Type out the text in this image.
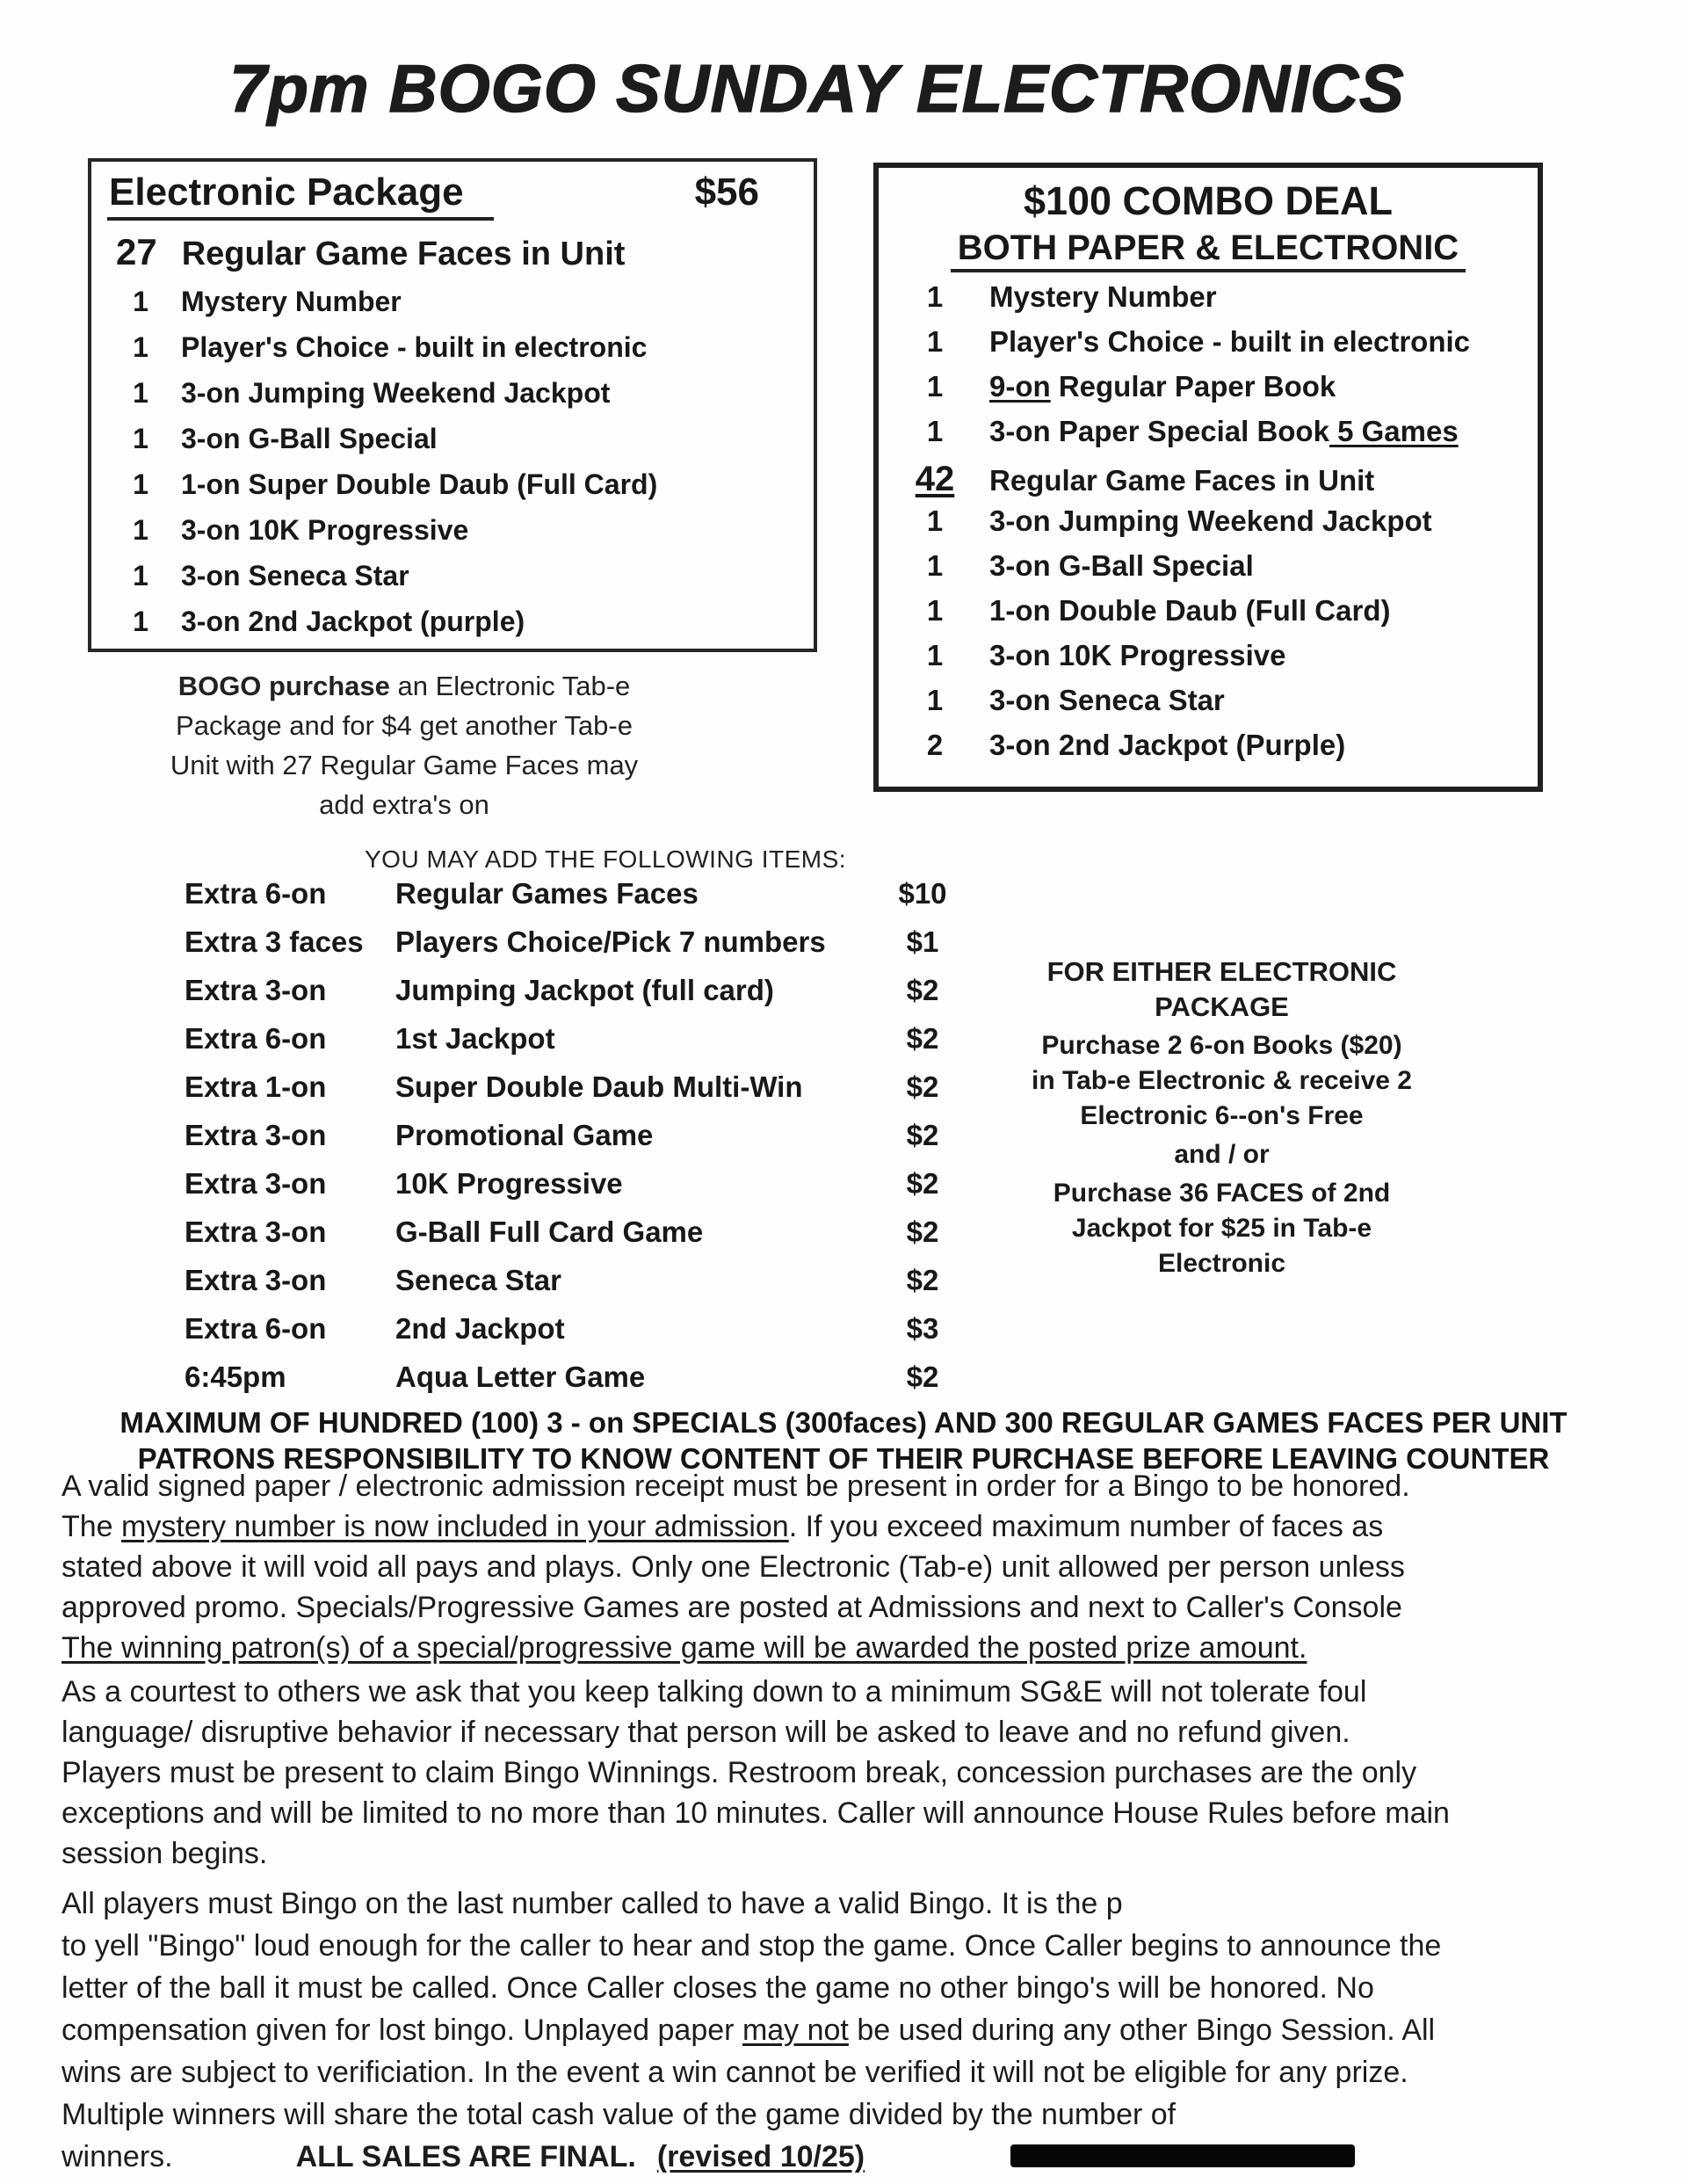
7pm BOGO SUNDAY ELECTRONICS
Electronic Package	$56
27 Regular Game Faces in Unit
1	Mystery Number
1	Player's Choice - built in electronic
1	3-on Jumping Weekend Jackpot
1	3-on G-Ball Special
1	1-on Super Double Daub (Full Card)
1	3-on 10K Progressive
1	3-on Seneca Star
1	3-on 2nd Jackpot (purple)
$100 COMBO DEAL
BOTH PAPER & ELECTRONIC
1	Mystery Number
1	Player's Choice - built in electronic
1	9-on Regular Paper Book
1	3-on Paper Special Book 5 Games
42 Regular Game Faces in Unit
1	3-on Jumping Weekend Jackpot
1	3-on G-Ball Special
1	1-on Double Daub (Full Card)
1	3-on 10K Progressive
1	3-on Seneca Star
2	3-on 2nd Jackpot (Purple)
BOGO purchase an Electronic Tab-e Package and for $4 get another Tab-e Unit with 27 Regular Game Faces may add extra's on
YOU MAY ADD THE FOLLOWING ITEMS:
Extra 6-on	Regular Games Faces	$10
Extra 3 faces	Players Choice/Pick 7 numbers	$1
Extra 3-on	Jumping Jackpot (full card)	$2
Extra 6-on	1st Jackpot	$2
Extra 1-on	Super Double Daub Multi-Win	$2
Extra 3-on	Promotional Game	$2
Extra 3-on	10K Progressive	$2
Extra 3-on	G-Ball Full Card Game	$2
Extra 3-on	Seneca Star	$2
Extra 6-on	2nd Jackpot	$3
6:45pm	Aqua Letter Game	$2
FOR EITHER ELECTRONIC
PACKAGE
Purchase 2 6-on Books ($20) in Tab-e Electronic & receive 2 Electronic 6--on's Free
and / or
Purchase 36 FACES of 2nd Jackpot for $25 in Tab-e Electronic
MAXIMUM OF HUNDRED (100) 3 - on SPECIALS (300faces) AND 300 REGULAR GAMES FACES PER UNIT
PATRONS RESPONSIBILITY TO KNOW CONTENT OF THEIR PURCHASE BEFORE LEAVING COUNTER
A valid signed paper / electronic admission receipt must be present in order for a Bingo to be honored. The mystery number is now included in your admission. If you exceed maximum number of faces as stated above it will void all pays and plays. Only one Electronic (Tab-e) unit allowed per person unless approved promo. Specials/Progressive Games are posted at Admissions and next to Caller's Console The winning patron(s) of a special/progressive game will be awarded the posted prize amount.
As a courtest to others we ask that you keep talking down to a minimum SG&E will not tolerate foul language/ disruptive behavior if necessary that person will be asked to leave and no refund given. Players must be present to claim Bingo Winnings. Restroom break, concession purchases are the only exceptions and will be limited to no more than 10 minutes. Caller will announce House Rules before main session begins.
All players must Bingo on the last number called to have a valid Bingo. It is the p
to yell "Bingo" loud enough for the caller to hear and stop the game. Once Caller begins to announce the letter of the ball it must be called. Once Caller closes the game no other bingo's will be honored. No compensation given for lost bingo. Unplayed paper may not be used during any other Bingo Session. All wins are subject to verificiation. In the event a win cannot be verified it will not be eligible for any prize. Multiple winners will share the total cash value of the game divided by the number of winners.	ALL SALES ARE FINAL. (revised 10/25)
